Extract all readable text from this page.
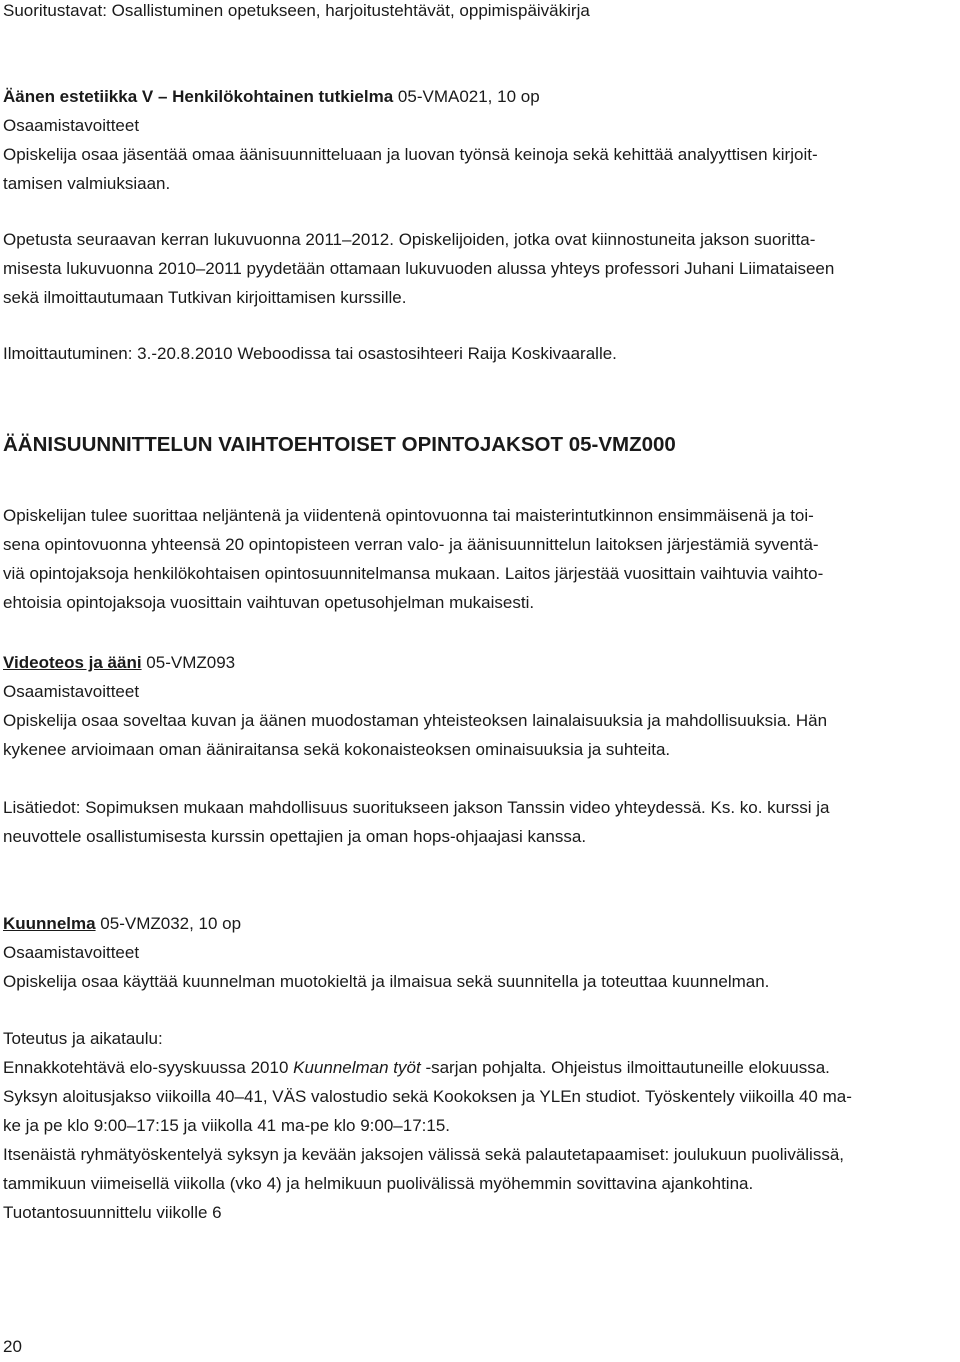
Suoritustavat: Osallistuminen opetukseen, harjoitustehtävät, oppimispäiväkirja
Äänen estetiikka V – Henkilökohtainen tutkielma 05-VMA021, 10 op
Osaamistavoitteet
Opiskelija osaa jäsentää omaa äänisuunnitteluaan ja luovan työnsä keinoja sekä kehittää analyyttisen kirjoit-
tamisen valmiuksiaan.
Opetusta seuraavan kerran lukuvuonna 2011–2012. Opiskelijoiden, jotka ovat kiinnostuneita jakson suoritta-
misesta lukuvuonna 2010–2011 pyydetään ottamaan lukuvuoden alussa yhteys professori Juhani Liimataiseen
sekä ilmoittautumaan Tutkivan kirjoittamisen kurssille.
Ilmoittautuminen: 3.-20.8.2010 Weboodissa tai osastosihteeri Raija Koskivaaralle.
ÄÄNISUUNNITTELUN VAIHTOEHTOISET OPINTOJAKSOT 05-VMZ000
Opiskelijan tulee suorittaa neljäntenä ja viidentenä opintovuonna tai maisterintutkinnon ensimmäisenä ja toi-
sena opintovuonna yhteensä 20 opintopisteen verran valo- ja äänisuunnittelun laitoksen järjestämiä syventä-
viä opintojaksoja henkilökohtaisen opintosuunnitelmansa mukaan. Laitos järjestää vuosittain vaihtuvia vaihto-
ehtoisia opintojaksoja vuosittain vaihtuvan opetusohjelman mukaisesti.
Videoteos ja ääni 05-VMZ093
Osaamistavoitteet
Opiskelija osaa soveltaa kuvan ja äänen muodostaman yhteisteoksen lainalaisuuksia ja mahdollisuuksia. Hän
kykenee arvioimaan oman ääniraitansa sekä kokonaisteoksen ominaisuuksia ja suhteita.
Lisätiedot: Sopimuksen mukaan mahdollisuus suoritukseen jakson Tanssin video yhteydessä. Ks. ko. kurssi ja
neuvottele osallistumisesta kurssin opettajien ja oman hops-ohjaajasi kanssa.
Kuunnelma 05-VMZ032, 10 op
Osaamistavoitteet
Opiskelija osaa käyttää kuunnelman muotokieltä ja ilmaisua sekä suunnitella ja toteuttaa kuunnelman.
Toteutus ja aikataulu:
Ennakkotehtävä elo-syyskuussa 2010 Kuunnelman työt -sarjan pohjalta. Ohjeistus ilmoittautuneille elokuussa.
Syksyn aloitusjakso viikoilla 40–41, VÄS valostudio sekä Kookoksen ja YLEn studiot. Työskentely viikoilla 40 ma-
ke ja pe klo 9:00–17:15 ja viikolla 41 ma-pe klo 9:00–17:15.
Itsenäistä ryhmätyöskentelyä syksyn ja kevään jaksojen välissä sekä palautetapaamiset: joulukuun puolivälissä,
tammikuun viimeisellä viikolla (vko 4) ja helmikuun puolivälissä myöhemmin sovittavina ajankohtina.
Tuotantosuunnittelu viikolle 6
20
